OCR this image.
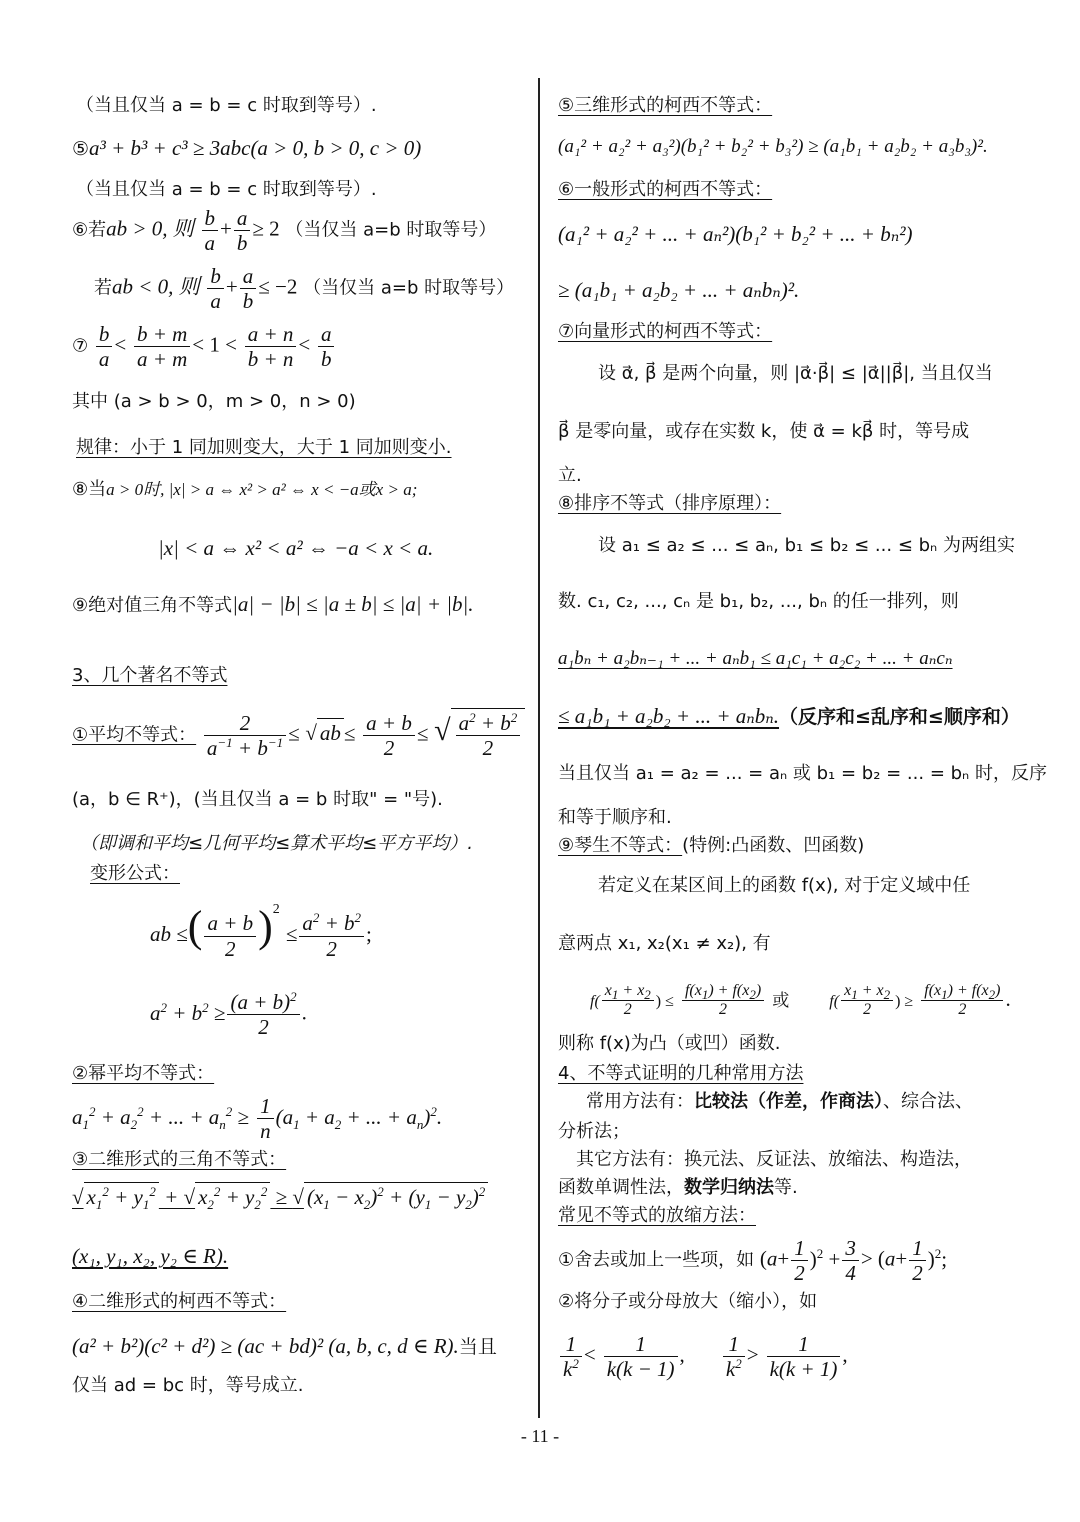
（当且仅当 a = b = c 时取到等号）.
⑤a³ + b³ + c³ ≥ 3abc(a > 0, b > 0, c > 0)
（当且仅当 a = b = c 时取到等号）.
⑥若ab > 0, 则 $\frac{b}{a} + \frac{a}{b} \ge 2$ （当仅当 a=b 时取等号）
若ab < 0, 则 $\frac{b}{a} + \frac{a}{b} \le -2$ （当仅当 a=b 时取等号）
⑦ $\frac{b}{a} < \frac{b + m}{a + m} < 1 < \frac{a + n}{b + n} < \frac{a}{b}$
其中 (a > b > 0，m > 0，n > 0)
规律：小于 1 同加则变大，大于 1 同加则变小.
⑧当a > 0时, |x| > a ⇔ x² > a² ⇔ x < −a或x > a;
|x| < a ⇔ x² < a² ⇔ −a < x < a.
⑨绝对值三角不等式|a| − |b| ≤ |a ± b| ≤ |a| + |b|.
3、几个著名不等式
①平均不等式： $\frac{2}{a^{-1} + b^{-1}}$ ≤ √ ab ≤ $\frac{a + b}{2}$ ≤ √ $\frac{a^2 + b^2}{2}$
(a，b ∈ R⁺)，(当且仅当 a = b 时取" = "号).
（即调和平均≤几何平均≤算术平均≤平方平均）.
变形公式：
ab ≤( $\frac{a + b}{2} )^2 \le \frac{a^2 + b^2}{2}$ ;
$a^2 + b^2 \ge \frac{(a + b)^2}{2}$ .
②幂平均不等式：
$a_1^2 + a_2^2$ + ... + $a_n^2 \ge \frac{1}{n} (a_1 + a_2$ + ... + $a_n)^2$.
③二维形式的三角不等式：
√ $x_1^2 + y_1^2$ + √ $x_2^2 + y_2^2$ ≥ √ $(x_1 - x_2)^2 + (y_1 - y_2)^2$
(x₁, y₁, x₂, y₂ ∈ R).
④二维形式的柯西不等式：
(a² + b²)(c² + d²) ≥ (ac + bd)² (a, b, c, d ∈ R).当且
仅当 ad = bc 时，等号成立.
⑤三维形式的柯西不等式：
(a₁² + a₂² + a₃²)(b₁² + b₂² + b₃²) ≥ (a₁b₁ + a₂b₂ + a₃b₃)².
⑥一般形式的柯西不等式：
(a₁² + a₂² + ... + aₙ²)(b₁² + b₂² + ... + bₙ²)
≥ (a₁b₁ + a₂b₂ + ... + aₙbₙ)².
⑦向量形式的柯西不等式：
设 α⃗, β⃗ 是两个向量，则 |α⃗·β⃗| ≤ |α⃗||β⃗|, 当且仅当
β⃗ 是零向量，或存在实数 k，使 α⃗ = kβ⃗ 时，等号成
立.
⑧排序不等式（排序原理）：
设 a₁ ≤ a₂ ≤ ... ≤ aₙ, b₁ ≤ b₂ ≤ ... ≤ bₙ 为两组实
数. c₁, c₂, ..., cₙ 是 b₁, b₂, ..., bₙ 的任一排列，则
a₁bₙ + a₂bₙ₋₁ + ... + aₙb₁ ≤ a₁c₁ + a₂c₂ + ... + aₙcₙ
≤ a₁b₁ + a₂b₂ + ... + aₙbₙ.（反序和≤乱序和≤顺序和）
当且仅当 a₁ = a₂ = ... = aₙ 或 b₁ = b₂ = ... = bₙ 时，反序
和等于顺序和.
⑨琴生不等式：(特例:凸函数、凹函数)
若定义在某区间上的函数 f(x), 对于定义域中任
意两点 x₁, x₂(x₁ ≠ x₂), 有
$f( \frac{x_1 + x_2}{2}$ ) ≤ $\frac{f(x_1) + f(x_2)}{2}$ 或	$f( \frac{x_1 + x_2}{2}$ ) ≥ $\frac{f(x_1) + f(x_2)}{2}$ .
则称 f(x)为凸（或凹）函数.
4、不等式证明的几种常用方法
常用方法有：比较法（作差，作商法）、综合法、
分析法；
其它方法有：换元法、反证法、放缩法、构造法，
函数单调性法，数学归纳法等.
常见不等式的放缩方法：
①舍去或加上一些项，如 $(a+ \frac{1}{2} )^2 + \frac{3}{4} > (a+ \frac{1}{2} )^2$;
②将分子或分母放大（缩小），如
$\frac{1}{k^2} < \frac{1}{k(k - 1)}$ , $\frac{1}{k^2} > \frac{1}{k(k + 1)}$ ,
- 11 -
